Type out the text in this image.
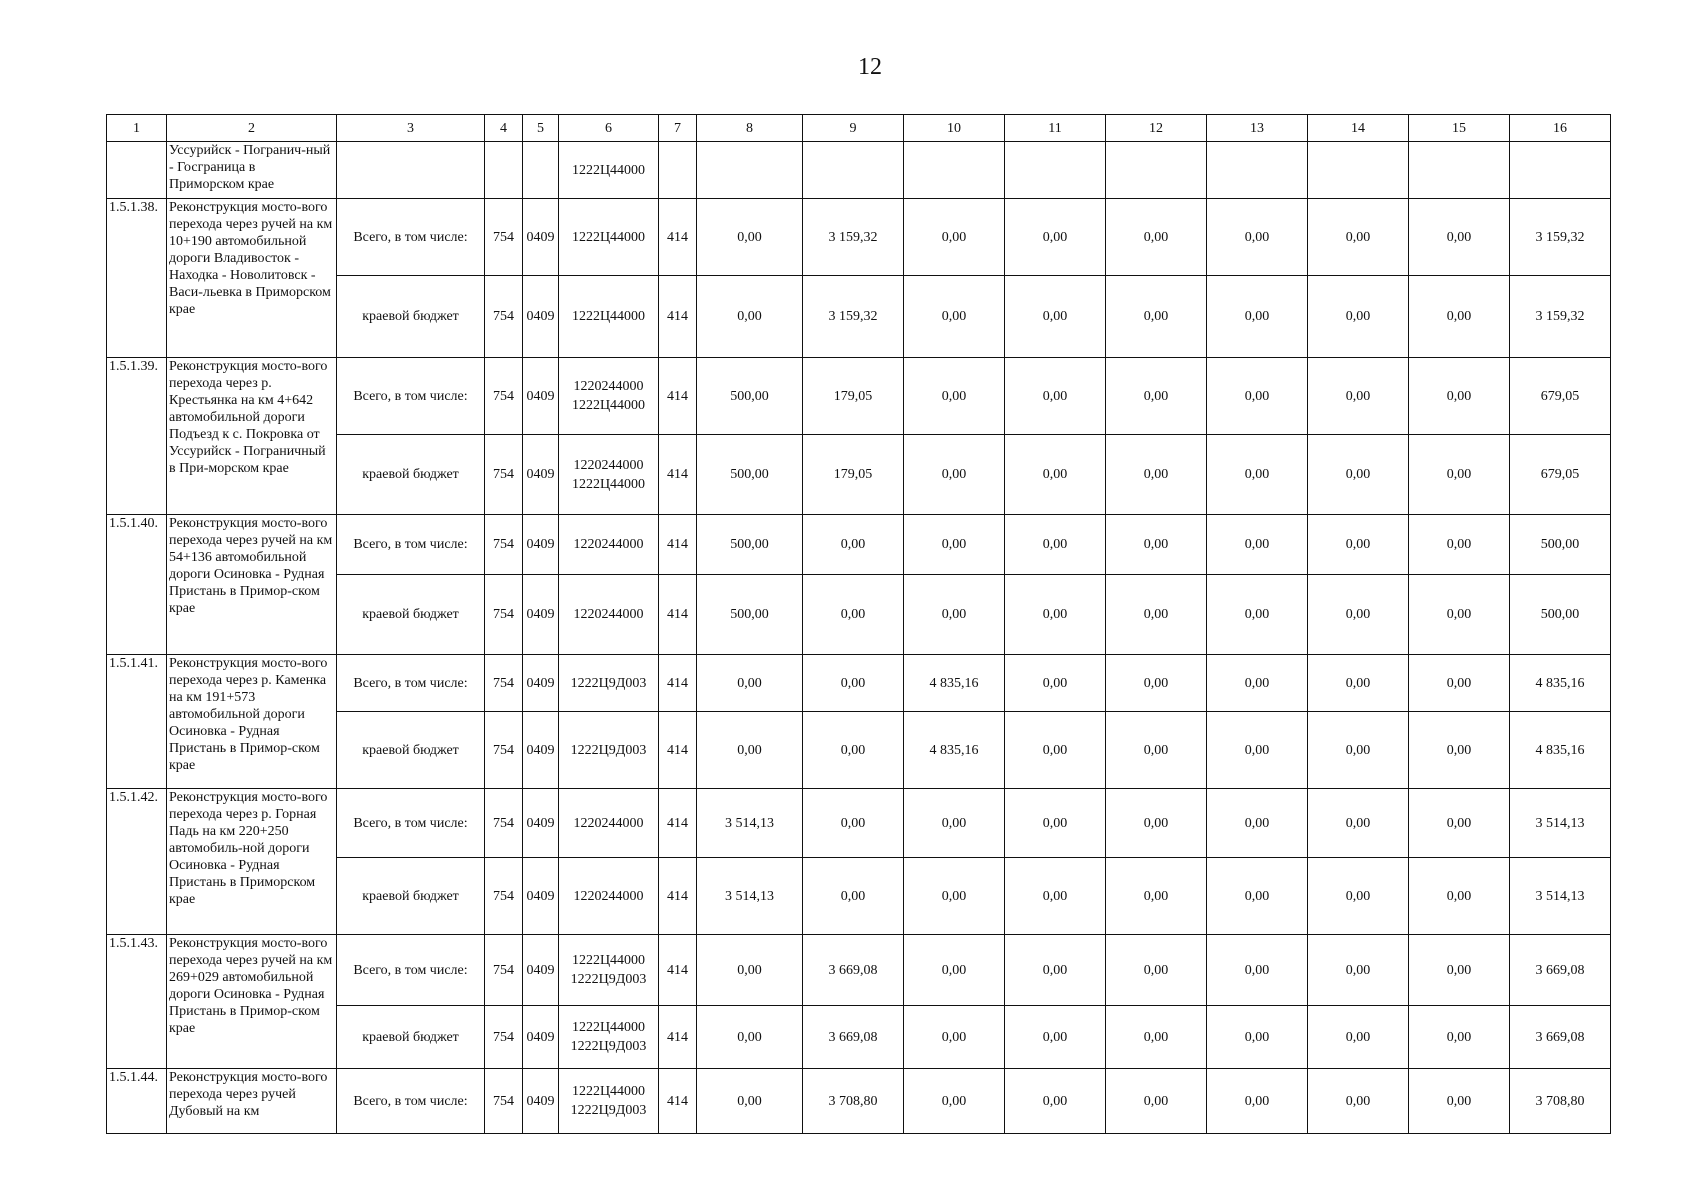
12
1	2	3	4	5	6	7	8	9	10	11	12	13	14	15	16
	Уссурийск - Погранич-ный - Госграница в Приморском крае				1222Ц44000										
1.5.1.38.	Реконструкция мосто-вого перехода через ручей на км 10+190 автомобильной дороги Владивосток - Находка - Новолитовск - Васи-льевка в Приморском крае	Всего, в том числе:	754	0409	1222Ц44000	414	0,00	3 159,32	0,00	0,00	0,00	0,00	0,00	0,00	3 159,32
		краевой бюджет	754	0409	1222Ц44000	414	0,00	3 159,32	0,00	0,00	0,00	0,00	0,00	0,00	3 159,32
1.5.1.39.	Реконструкция мосто-вого перехода через р. Крестьянка на км 4+642 автомобильной дороги Подъезд к с. Покровка от Уссурийск - Пограничный в При-морском крае	Всего, в том числе:	754	0409	1220244000 1222Ц44000	414	500,00	179,05	0,00	0,00	0,00	0,00	0,00	0,00	679,05
		краевой бюджет	754	0409	1220244000 1222Ц44000	414	500,00	179,05	0,00	0,00	0,00	0,00	0,00	0,00	679,05
1.5.1.40.	Реконструкция мосто-вого перехода через ручей на км 54+136 автомобильной дороги Осиновка - Рудная Пристань в Примор-ском крае	Всего, в том числе:	754	0409	1220244000	414	500,00	0,00	0,00	0,00	0,00	0,00	0,00	0,00	500,00
		краевой бюджет	754	0409	1220244000	414	500,00	0,00	0,00	0,00	0,00	0,00	0,00	0,00	500,00
1.5.1.41.	Реконструкция мосто-вого перехода через р. Каменка на км 191+573 автомобильной дороги Осиновка - Рудная Пристань в Примор-ском крае	Всего, в том числе:	754	0409	1222Ц9Д003	414	0,00	0,00	4 835,16	0,00	0,00	0,00	0,00	0,00	4 835,16
		краевой бюджет	754	0409	1222Ц9Д003	414	0,00	0,00	4 835,16	0,00	0,00	0,00	0,00	0,00	4 835,16
1.5.1.42.	Реконструкция мосто-вого перехода через р. Горная Падь на км 220+250 автомобиль-ной дороги Осиновка - Рудная Пристань в Приморском крае	Всего, в том числе:	754	0409	1220244000	414	3 514,13	0,00	0,00	0,00	0,00	0,00	0,00	0,00	3 514,13
		краевой бюджет	754	0409	1220244000	414	3 514,13	0,00	0,00	0,00	0,00	0,00	0,00	0,00	3 514,13
1.5.1.43.	Реконструкция мосто-вого перехода через ручей на км 269+029 автомобильной дороги Осиновка - Рудная Пристань в Примор-ском крае	Всего, в том числе:	754	0409	1222Ц44000 1222Ц9Д003	414	0,00	3 669,08	0,00	0,00	0,00	0,00	0,00	0,00	3 669,08
		краевой бюджет	754	0409	1222Ц44000 1222Ц9Д003	414	0,00	3 669,08	0,00	0,00	0,00	0,00	0,00	0,00	3 669,08
1.5.1.44.	Реконструкция мосто-вого перехода через ручей Дубовый на км	Всего, в том числе:	754	0409	1222Ц44000 1222Ц9Д003	414	0,00	3 708,80	0,00	0,00	0,00	0,00	0,00	0,00	3 708,80
